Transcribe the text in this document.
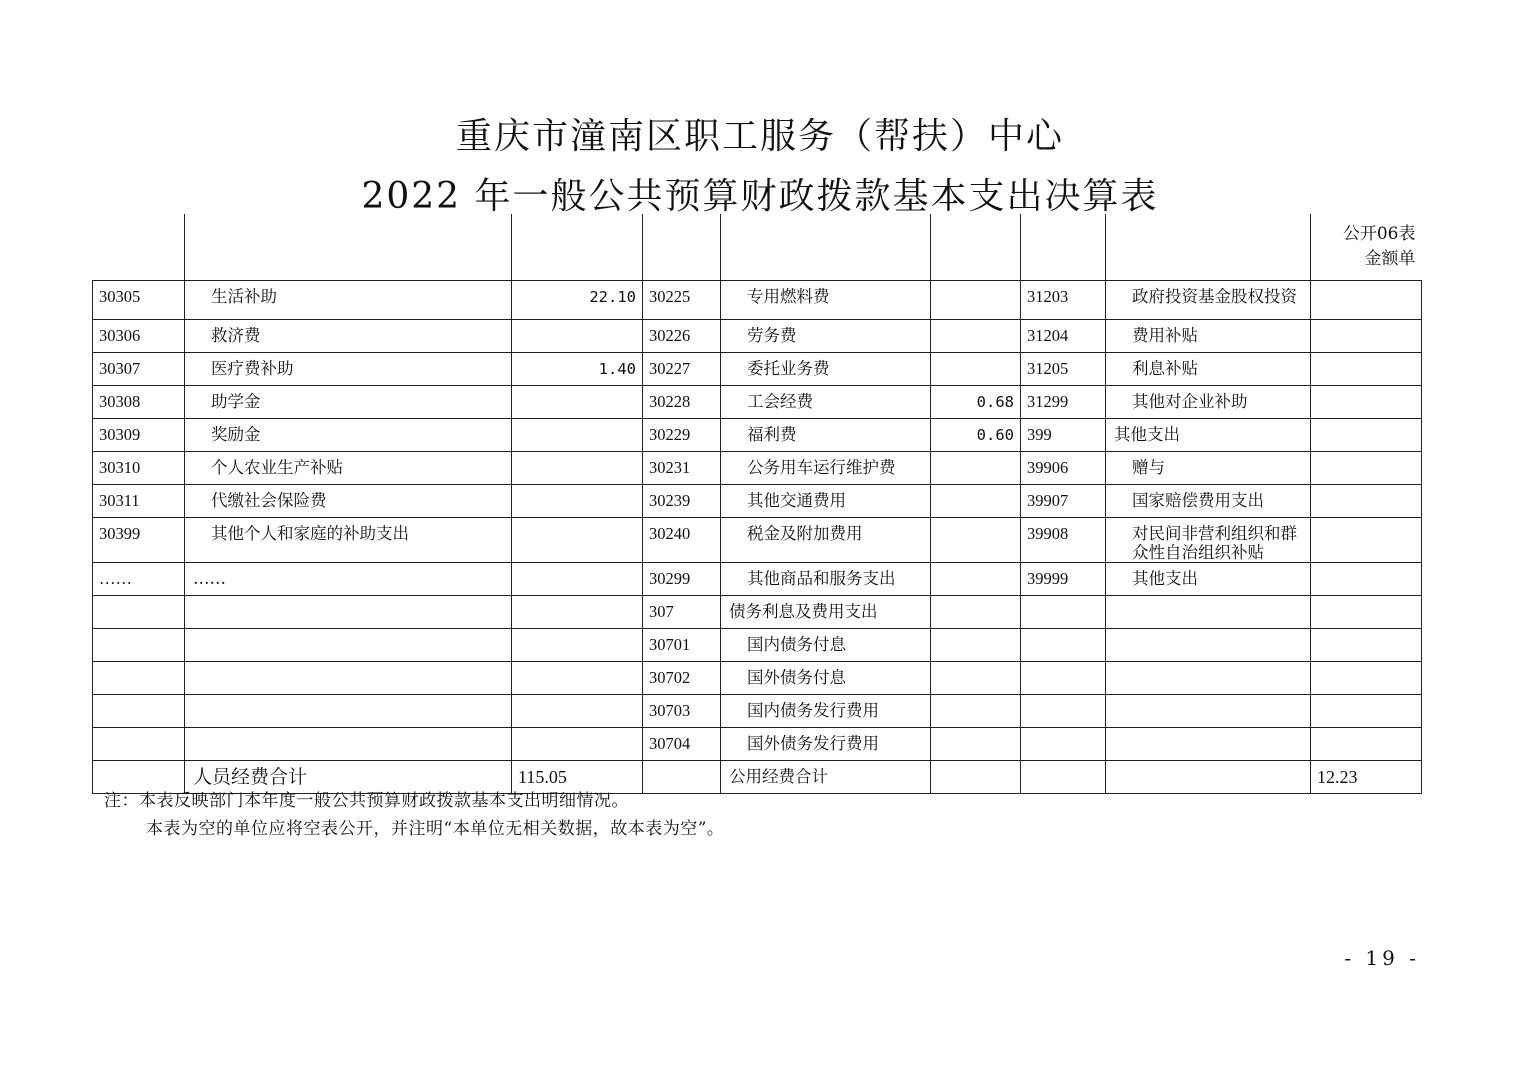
重庆市潼南区职工服务（帮扶）中心
2022 年一般公共预算财政拨款基本支出决算表

								公开06表
金额单

30305	生活补助	22.10	30225	专用燃料费		31203	政府投资基金股权投资	
30306	救济费		30226	劳务费		31204	费用补贴	
30307	医疗费补助	1.40	30227	委托业务费		31205	利息补贴	
30308	助学金		30228	工会经费	0.68	31299	其他对企业补助	
30309	奖励金		30229	福利费	0.60	399	其他支出	
30310	个人农业生产补贴		30231	公务用车运行维护费		39906	赠与	
30311	代缴社会保险费		30239	其他交通费用		39907	国家赔偿费用支出	
30399	其他个人和家庭的补助支出		30240	税金及附加费用		39908	对民间非营利组织和群众性自治组织补贴	
……	……		30299	其他商品和服务支出		39999	其他支出	
			307	债务利息及费用支出				
			30701	国内债务付息				
			30702	国外债务付息				
			30703	国内债务发行费用				
			30704	国外债务发行费用				
	人员经费合计	115.05		公用经费合计				12.23
注：本表反映部门本年度一般公共预算财政拨款基本支出明细情况。
本表为空的单位应将空表公开，并注明“本单位无相关数据，故本表为空”。
- 19 -
